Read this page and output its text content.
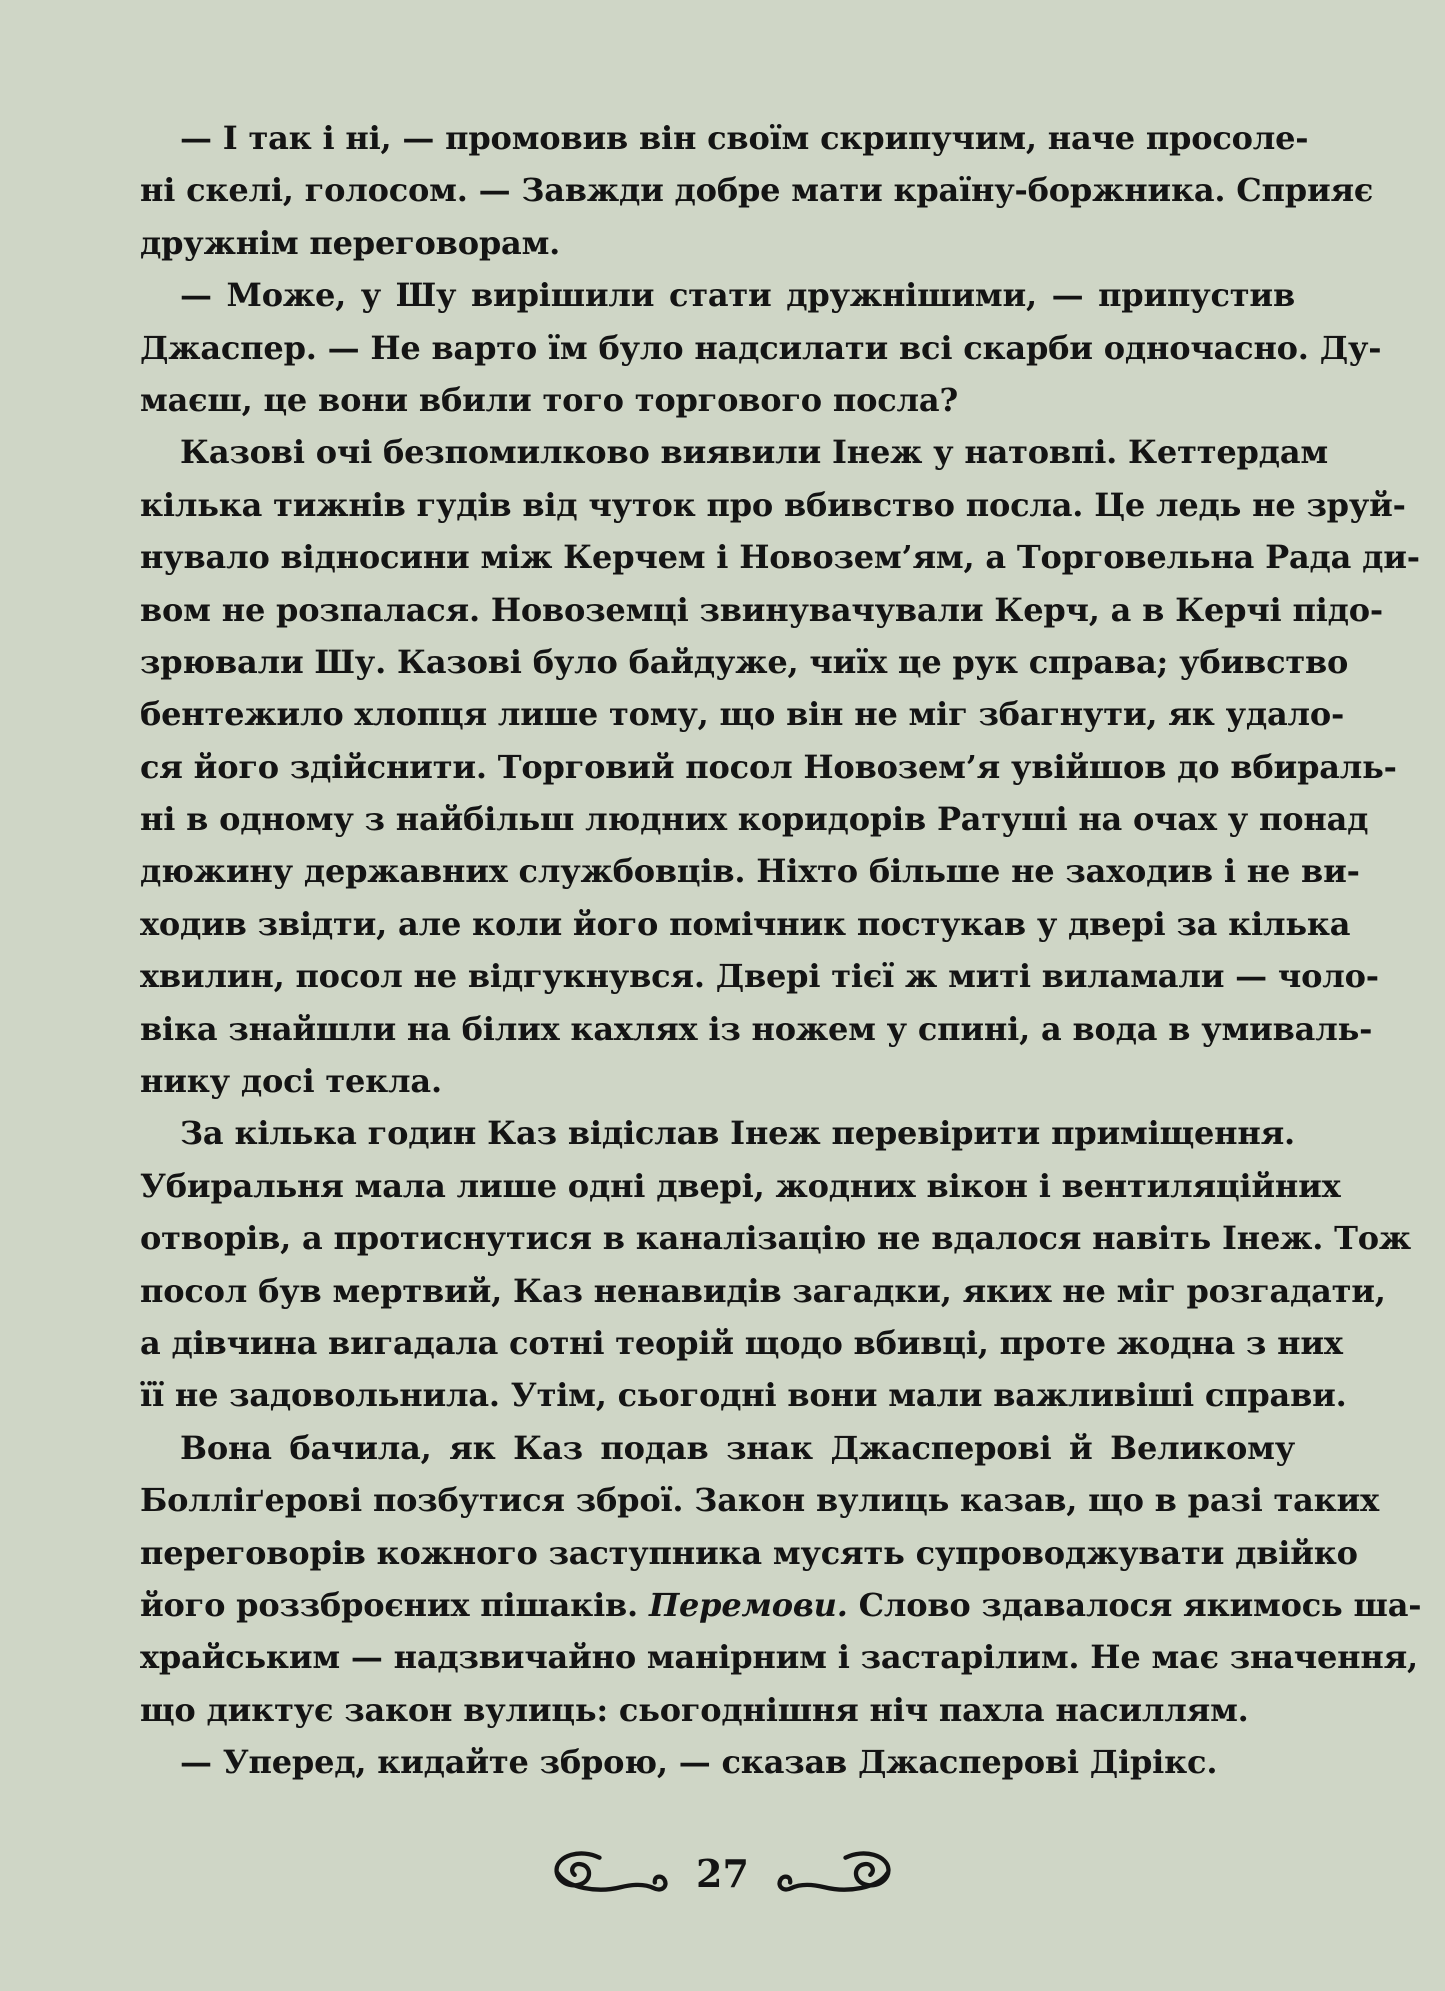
— І так і ні, — промовив він своїм скрипучим, наче просоле-
ні скелі, голосом. — Завжди добре мати країну-боржника. Сприяє
дружнім переговорам.
— Може, у Шу вирішили стати дружнішими, — припустив
Джаспер. — Не варто їм було надсилати всі скарби одночасно. Ду-
маєш, це вони вбили того торгового посла?
Казові очі безпомилково виявили Інеж у натовпі. Кеттердам
кілька тижнів гудів від чуток про вбивство посла. Це ледь не зруй-
нувало відносини між Керчем і Новозем’ям, а Торговельна Рада ди-
вом не розпалася. Новоземці звинувачували Керч, а в Керчі підо-
зрювали Шу. Казові було байдуже, чиїх це рук справа; убивство
бентежило хлопця лише тому, що він не міг збагнути, як удало-
ся його здійснити. Торговий посол Новозем’я увійшов до вбираль-
ні в одному з найбільш людних коридорів Ратуші на очах у понад
дюжину державних службовців. Ніхто більше не заходив і не ви-
ходив звідти, але коли його помічник постукав у двері за кілька
хвилин, посол не відгукнувся. Двері тієї ж миті виламали — чоло-
віка знайшли на білих кахлях із ножем у спині, а вода в умиваль-
нику досі текла.
За кілька годин Каз відіслав Інеж перевірити приміщення.
Убиральня мала лише одні двері, жодних вікон і вентиляційних
отворів, а протиснутися в каналізацію не вдалося навіть Інеж. Тож
посол був мертвий, Каз ненавидів загадки, яких не міг розгадати,
а дівчина вигадала сотні теорій щодо вбивці, проте жодна з них
її не задовольнила. Утім, сьогодні вони мали важливіші справи.
Вона бачила, як Каз подав знак Джасперові й Великому
Болліґерові позбутися зброї. Закон вулиць казав, що в разі таких
переговорів кожного заступника мусять супроводжувати двійко
його роззброєних пішаків. Перемови. Слово здавалося якимось ша-
храйським — надзвичайно манірним і застарілим. Не має значення,
що диктує закон вулиць: сьогоднішня ніч пахла насиллям.
— Уперед, кидайте зброю, — сказав Джасперові Дірікс.
27
